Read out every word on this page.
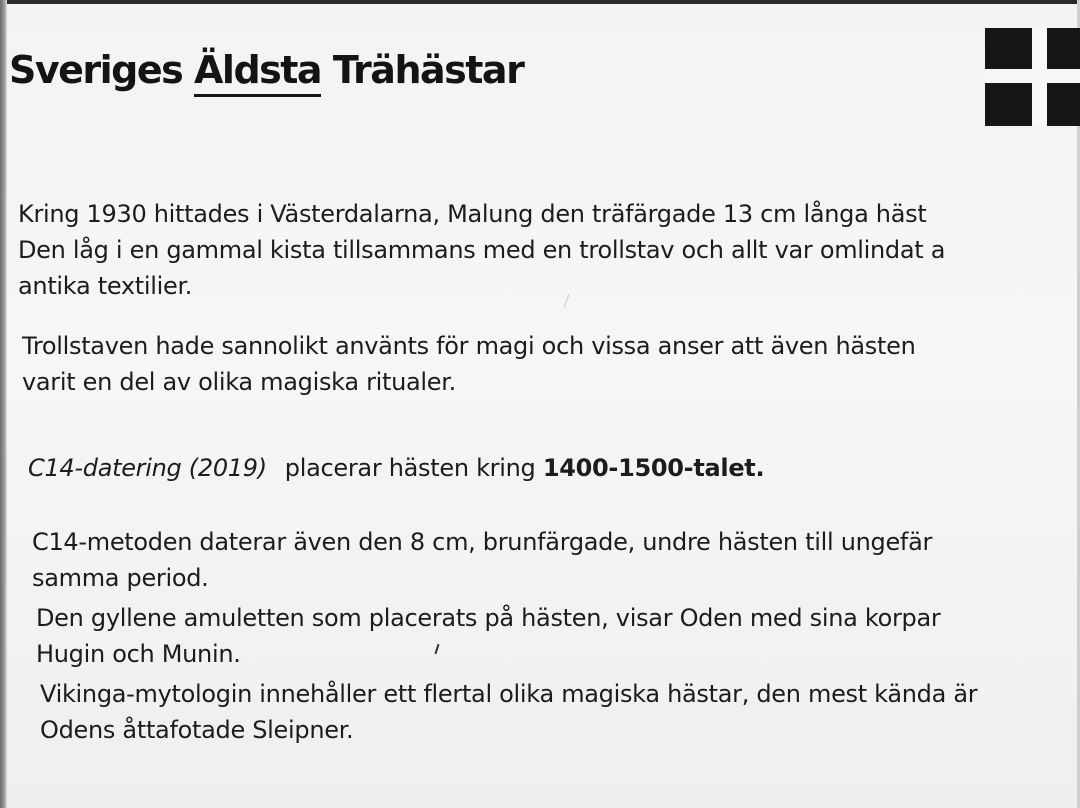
Sveriges Äldsta Trähästar

Kring 1930 hittades i Västerdalarna, Malung den träfärgade 13 cm långa häst
Den låg i en gammal kista tillsammans med en trollstav och allt var omlindat a
antika textilier.

Trollstaven hade sannolikt använts för magi och vissa anser att även hästen
varit en del av olika magiska ritualer.

C14-datering (2019) placerar hästen kring 1400-1500-talet.

C14-metoden daterar även den 8 cm, brunfärgade, undre hästen till ungefär
samma period.

Den gyllene amuletten som placerats på hästen, visar Oden med sina korpar
Hugin och Munin.

Vikinga-mytologin innehåller ett flertal olika magiska hästar, den mest kända är
Odens åttafotade Sleipner.
